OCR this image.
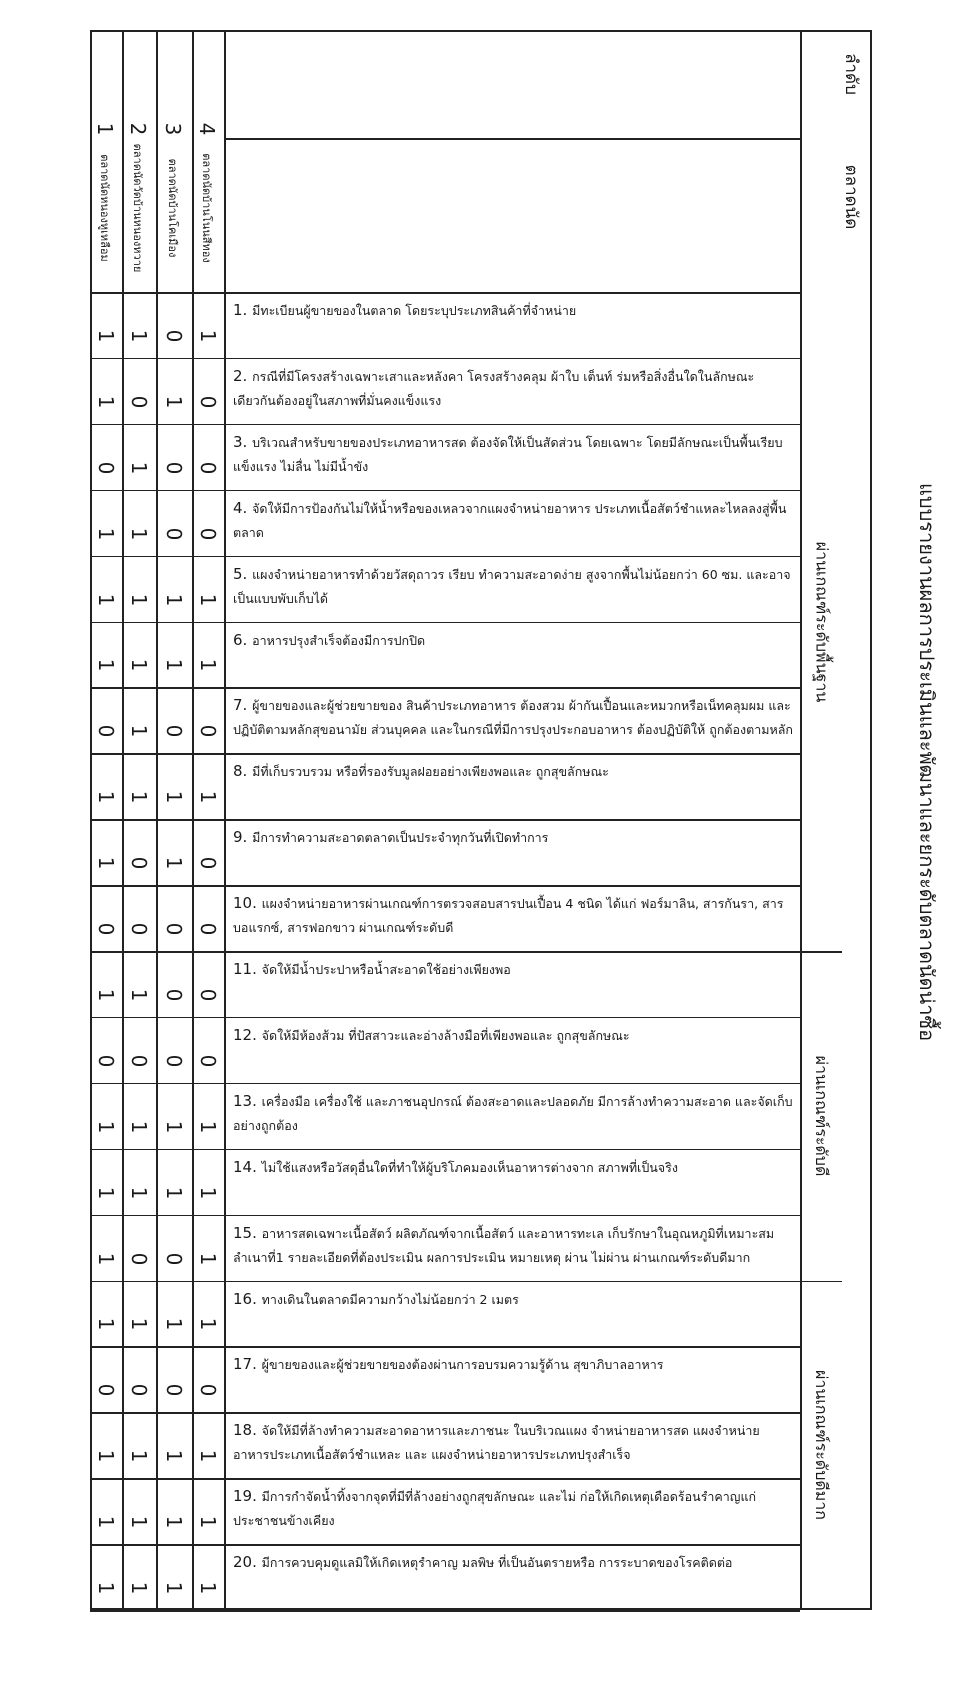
แบบรายงานผลการประเมินและพัฒนาและยกระดับตลาดนัดน่าซื้อ
ลำดับ
ตลาดนัด
1
ตลาดนัดหนองหูเหลือม
2
ตลาดนัดวัดบ้านหนองหวาย
3
ตลาดนัดบ้านโคเมือง
4
ตลาดนัดบ้านโนนสีทอง
ผ่านเกณฑ์ระดับพื้นฐาน
ผ่านเกณฑ์ระดับดี
ผ่านเกณฑ์ระดับดีมาก
1. มีทะเบียนผู้ขายของในตลาด โดยระบุประเภทสินค้าที่จำหน่าย
1 1 0 1
2. กรณีที่มีโครงสร้างเฉพาะเสาและหลังคา โครงสร้างคลุม ผ้าใบ เต็นท์ ร่มหรือสิ่งอื่นใดในลักษณะเดียวกันต้องอยู่ในสภาพที่มั่นคงแข็งแรง
1 0 1 0
3. บริเวณสำหรับขายของประเภทอาหารสด ต้องจัดให้เป็นสัดส่วน โดยเฉพาะ โดยมีลักษณะเป็นพื้นเรียบแข็งแรง ไม่ลื่น ไม่มีน้ำขัง
0 1 0 0
4. จัดให้มีการป้องกันไม่ให้น้ำหรือของเหลวจากแผงจำหน่ายอาหาร ประเภทเนื้อสัตว์ชำแหละไหลลงสู่พื้นตลาด
1 1 0 0
5. แผงจำหน่ายอาหารทำด้วยวัสดุถาวร เรียบ ทำความสะอาดง่าย สูงจากพื้นไม่น้อยกว่า 60 ซม. และอาจเป็นแบบพับเก็บได้
1 1 1 1
6. อาหารปรุงสำเร็จต้องมีการปกปิด
1 1 1 1
7. ผู้ขายของและผู้ช่วยขายของ สินค้าประเภทอาหาร ต้องสวม ผ้ากันเปื้อนและหมวกหรือเน็ทคลุมผม และปฏิบัติตามหลักสุขอนามัย ส่วนบุคคล และในกรณีที่มีการปรุงประกอบอาหาร ต้องปฏิบัติให้ ถูกต้องตามหลัก
0 1 0 0
8. มีที่เก็บรวบรวม หรือที่รองรับมูลฝอยอย่างเพียงพอและ ถูกสุขลักษณะ
1 1 1 1
9. มีการทำความสะอาดตลาดเป็นประจำทุกวันที่เปิดทำการ
1 0 1 0
10. แผงจำหน่ายอาหารผ่านเกณฑ์การตรวจสอบสารปนเปื้อน 4 ชนิด ได้แก่ ฟอร์มาลิน, สารกันรา, สารบอแรกซ์, สารฟอกขาว ผ่านเกณฑ์ระดับดี
0 0 0 0
11. จัดให้มีน้ำประปาหรือน้ำสะอาดใช้อย่างเพียงพอ
1 1 0 0
12. จัดให้มีห้องส้วม ที่ปัสสาวะและอ่างล้างมือที่เพียงพอและ ถูกสุขลักษณะ
0 0 0 0
13. เครื่องมือ เครื่องใช้ และภาชนอุปกรณ์ ต้องสะอาดและปลอดภัย มีการล้างทำความสะอาด และจัดเก็บอย่างถูกต้อง
1 1 1 1
14. ไม่ใช้แสงหรือวัสดุอื่นใดที่ทำให้ผู้บริโภคมองเห็นอาหารต่างจาก สภาพที่เป็นจริง
1 1 1 1
15. อาหารสดเฉพาะเนื้อสัตว์ ผลิตภัณฑ์จากเนื้อสัตว์ และอาหารทะเล เก็บรักษาในอุณหภูมิที่เหมาะสม ลำเนาที่1 รายละเอียดที่ต้องประเมิน ผลการประเมิน หมายเหตุ ผ่าน ไม่ผ่าน ผ่านเกณฑ์ระดับดีมาก
1 0 0 1
16. ทางเดินในตลาดมีความกว้างไม่น้อยกว่า 2 เมตร
1 1 1 1
17. ผู้ขายของและผู้ช่วยขายของต้องผ่านการอบรมความรู้ด้าน สุขาภิบาลอาหาร
0 0 0 0
18. จัดให้มีที่ล้างทำความสะอาดอาหารและภาชนะ ในบริเวณแผง จำหน่ายอาหารสด แผงจำหน่ายอาหารประเภทเนื้อสัตว์ชำแหละ และ แผงจำหน่ายอาหารประเภทปรุงสำเร็จ
1 1 1 1
19. มีการกำจัดน้ำทิ้งจากจุดที่มีที่ล้างอย่างถูกสุขลักษณะ และไม่ ก่อให้เกิดเหตุเดือดร้อนรำคาญแก่ประชาชนข้างเคียง
1 1 1 1
20. มีการควบคุมดูแลมิให้เกิดเหตุรำคาญ มลพิษ ที่เป็นอันตรายหรือ การระบาดของโรคติดต่อ
1 1 1 1
